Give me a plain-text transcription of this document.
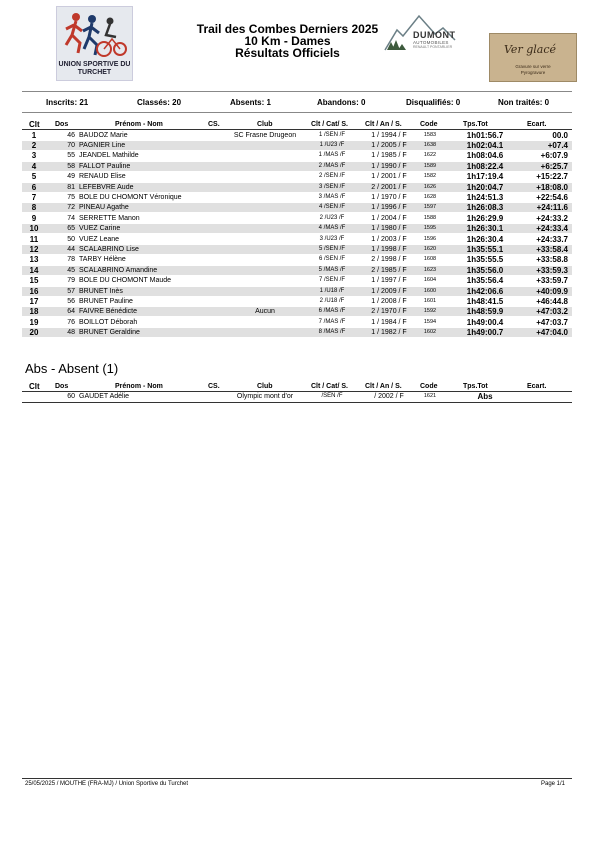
UNION SPORTIVE DU TURCHET
Trail des Combes Derniers 2025
10 Km - Dames
Résultats Officiels
DUMONT
AUTOMOBILES
RENAULT PONTARLIER	Ver glacé
Gravure sur verre
Pyrogravure
Inscrits: 21	Classés: 20	Absents: 1	Abandons: 0	Disqualifiés: 0	Non traités: 0
Clt Dos	Prénom - Nom	CS.	Club	Clt / Cat/ S. Clt / An / S.	Code	Tps.Tot	Ecart.
1	46 BAUDOZ Marie	SC Frasne Drugeon	1 /SEN /F	1 / 1994 / F	1583	1h01:56.7	00.0
2	70 PAGNIER Line	1 /U23 /F	1 / 2005 / F	1638	1h02:04.1	+07.4
3	55 JEANDEL Mathilde	1 /MAS /F	1 / 1985 / F	1622	1h08:04.6	+6:07.9
4	58 FALLOT Pauline	2 /MAS /F	1 / 1990 / F	1589	1h08:22.4	+6:25.7
5	49 RENAUD Elise	2 /SEN /F	1 / 2001 / F	1582	1h17:19.4	+15:22.7
6	81 LEFEBVRE Aude	3 /SEN /F	2 / 2001 / F	1626	1h20:04.7	+18:08.0
7	75 BOLE DU CHOMONT Véronique	3 /MAS /F	1 / 1970 / F	1628	1h24:51.3	+22:54.6
8	72 PINEAU Agathe	4 /SEN /F	1 / 1996 / F	1597	1h26:08.3	+24:11.6
9	74 SERRETTE Manon	2 /U23 /F	1 / 2004 / F	1588	1h26:29.9	+24:33.2
10	65 VUEZ Carine	4 /MAS /F	1 / 1980 / F	1595	1h26:30.1	+24:33.4
11	50 VUEZ Leane	3 /U23 /F	1 / 2003 / F	1596	1h26:30.4	+24:33.7
12	44 SCALABRINO Lise	5 /SEN /F	1 / 1998 / F	1620	1h35:55.1	+33:58.4
13	78 TARBY Hélène	6 /SEN /F	2 / 1998 / F	1608	1h35:55.5	+33:58.8
14	45 SCALABRINO Amandine	5 /MAS /F	2 / 1985 / F	1623	1h35:56.0	+33:59.3
15	79 BOLE DU CHOMONT Maude	7 /SEN /F	1 / 1997 / F	1604	1h35:56.4	+33:59.7
16	57 BRUNET Inès	1 /U18 /F	1 / 2009 / F	1600	1h42:06.6	+40:09.9
17	56 BRUNET Pauline	2 /U18 /F	1 / 2008 / F	1601	1h48:41.5	+46:44.8
18	64 FAIVRE Bénédicte	Aucun	6 /MAS /F	2 / 1970 / F	1592	1h48:59.9	+47:03.2
19	76 BOILLOT Déborah	7 /MAS /F	1 / 1984 / F	1594	1h49:00.4	+47:03.7
20	48 BRUNET Geraldine	8 /MAS /F	1 / 1982 / F	1602	1h49:00.7	+47:04.0
Abs - Absent (1)
Clt Dos	Prénom - Nom	CS.	Club	Clt / Cat/ S. Clt / An / S.	Code	Tps.Tot	Ecart.
60 GAUDET Adélie	Olympic mont d'or	/SEN /F	/ 2002 / F	1621	Abs
25/05/2025 / MOUTHE (FRA-MJ) / Union Sportive du Turchet	Page 1/1
